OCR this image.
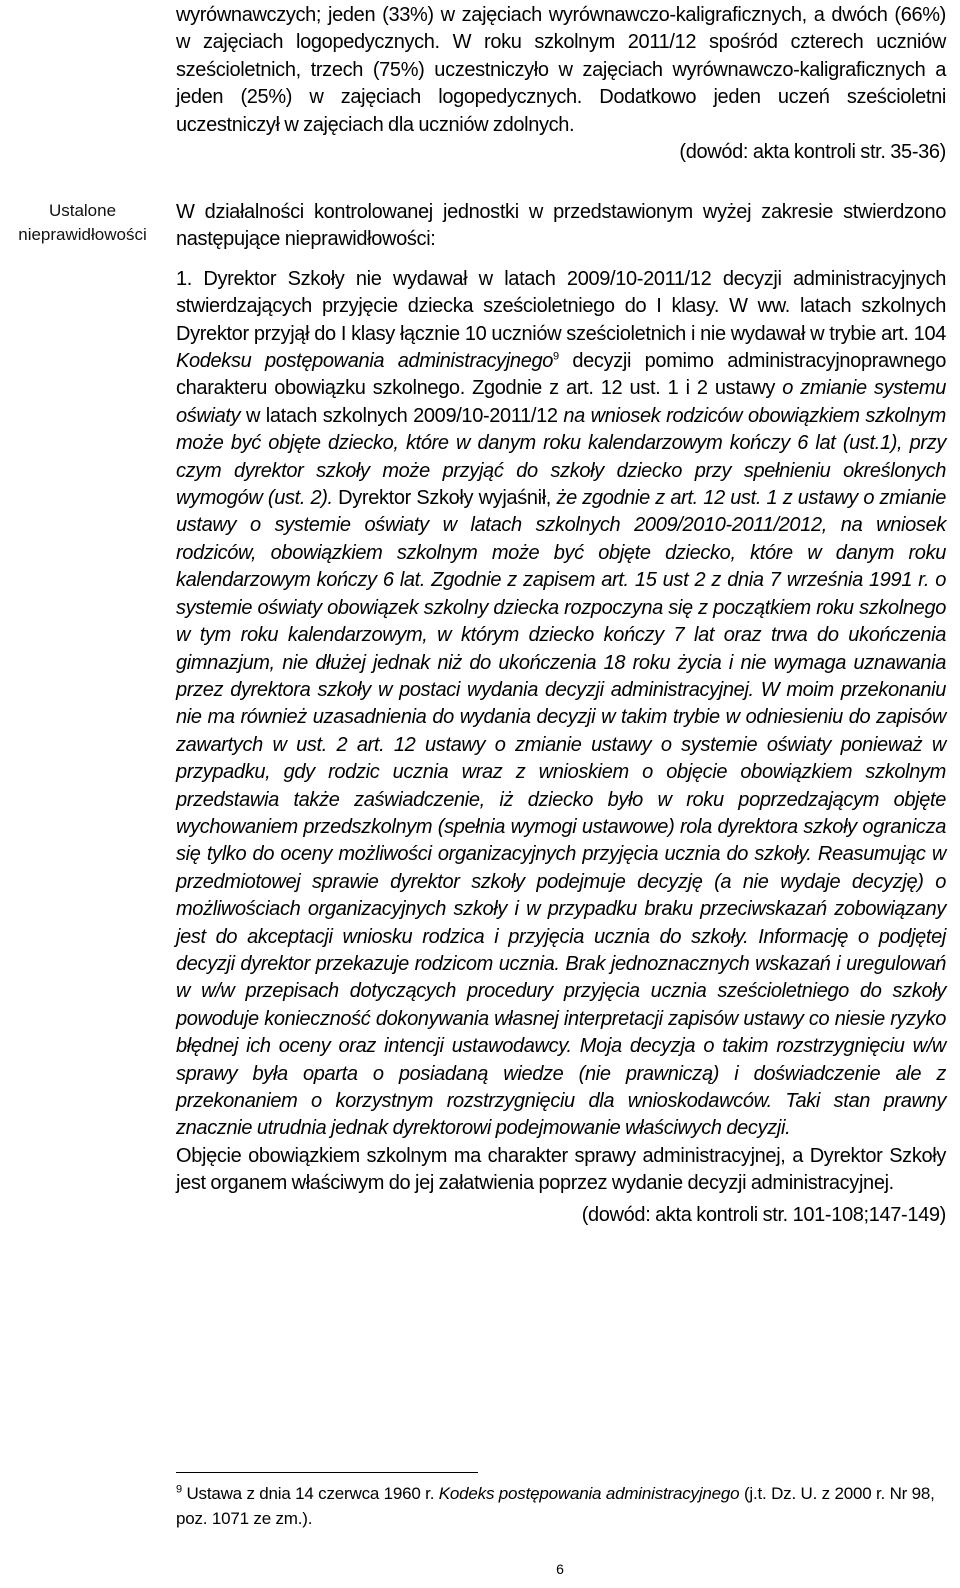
wyrównawczych; jeden (33%) w zajęciach wyrównawczo-kaligraficznych, a dwóch (66%) w zajęciach logopedycznych. W roku szkolnym 2011/12 spośród czterech uczniów sześcioletnich, trzech (75%) uczestniczyło w zajęciach wyrównawczo-kaligraficznych a jeden (25%) w zajęciach logopedycznych. Dodatkowo jeden uczeń sześcioletni uczestniczył w zajęciach dla uczniów zdolnych.

(dowód: akta kontroli str. 35-36)

Ustalone nieprawidłowości

W działalności kontrolowanej jednostki w przedstawionym wyżej zakresie stwierdzono następujące nieprawidłowości:

1. Dyrektor Szkoły nie wydawał w latach 2009/10-2011/12 decyzji administracyjnych stwierdzających przyjęcie dziecka sześcioletniego do I klasy. W ww. latach szkolnych Dyrektor przyjął do I klasy łącznie 10 uczniów sześcioletnich i nie wydawał w trybie art. 104 Kodeksu postępowania administracyjnego$^9$ decyzji pomimo administracyjnoprawnego charakteru obowiązku szkolnego. Zgodnie z art. 12 ust. 1 i 2 ustawy o zmianie systemu oświaty w latach szkolnych 2009/10-2011/12 na wniosek rodziców obowiązkiem szkolnym może być objęte dziecko, które w danym roku kalendarzowym kończy 6 lat (ust.1), przy czym dyrektor szkoły może przyjąć do szkoły dziecko przy spełnieniu określonych wymogów (ust. 2). Dyrektor Szkoły wyjaśnił, że zgodnie z art. 12 ust. 1 z ustawy o zmianie ustawy o systemie oświaty w latach szkolnych 2009/2010-2011/2012, na wniosek rodziców, obowiązkiem szkolnym może być objęte dziecko, które w danym roku kalendarzowym kończy 6 lat. Zgodnie z zapisem art. 15 ust 2 z dnia 7 września 1991 r. o systemie oświaty obowiązek szkolny dziecka rozpoczyna się z początkiem roku szkolnego w tym roku kalendarzowym, w którym dziecko kończy 7 lat oraz trwa do ukończenia gimnazjum, nie dłużej jednak niż do ukończenia 18 roku życia i nie wymaga uznawania przez dyrektora szkoły w postaci wydania decyzji administracyjnej. W moim przekonaniu nie ma również uzasadnienia do wydania decyzji w takim trybie w odniesieniu do zapisów zawartych w ust. 2 art. 12 ustawy o zmianie ustawy o systemie oświaty ponieważ w przypadku, gdy rodzic ucznia wraz z wnioskiem o objęcie obowiązkiem szkolnym przedstawia także zaświadczenie, iż dziecko było w roku poprzedzającym objęte wychowaniem przedszkolnym (spełnia wymogi ustawowe) rola dyrektora szkoły ogranicza się tylko do oceny możliwości organizacyjnych przyjęcia ucznia do szkoły. Reasumując w przedmiotowej sprawie dyrektor szkoły podejmuje decyzję (a nie wydaje decyzję) o możliwościach organizacyjnych szkoły i w przypadku braku przeciwskazań zobowiązany jest do akceptacji wniosku rodzica i przyjęcia ucznia do szkoły. Informację o podjętej decyzji dyrektor przekazuje rodzicom ucznia. Brak jednoznacznych wskazań i uregulowań w w/w przepisach dotyczących procedury przyjęcia ucznia sześcioletniego do szkoły powoduje konieczność dokonywania własnej interpretacji zapisów ustawy co niesie ryzyko błędnej ich oceny oraz intencji ustawodawcy. Moja decyzja o takim rozstrzygnięciu w/w sprawy była oparta o posiadaną wiedze (nie prawniczą) i doświadczenie ale z przekonaniem o korzystnym rozstrzygnięciu dla wnioskodawców. Taki stan prawny znacznie utrudnia jednak dyrektorowi podejmowanie właściwych decyzji.

Objęcie obowiązkiem szkolnym ma charakter sprawy administracyjnej, a Dyrektor Szkoły jest organem właściwym do jej załatwienia poprzez wydanie decyzji administracyjnej.

(dowód: akta kontroli str. 101-108;147-149)

$^9$ Ustawa z dnia 14 czerwca 1960 r. Kodeks postępowania administracyjnego (j.t. Dz. U. z 2000 r. Nr 98, poz. 1071 ze zm.).
6
